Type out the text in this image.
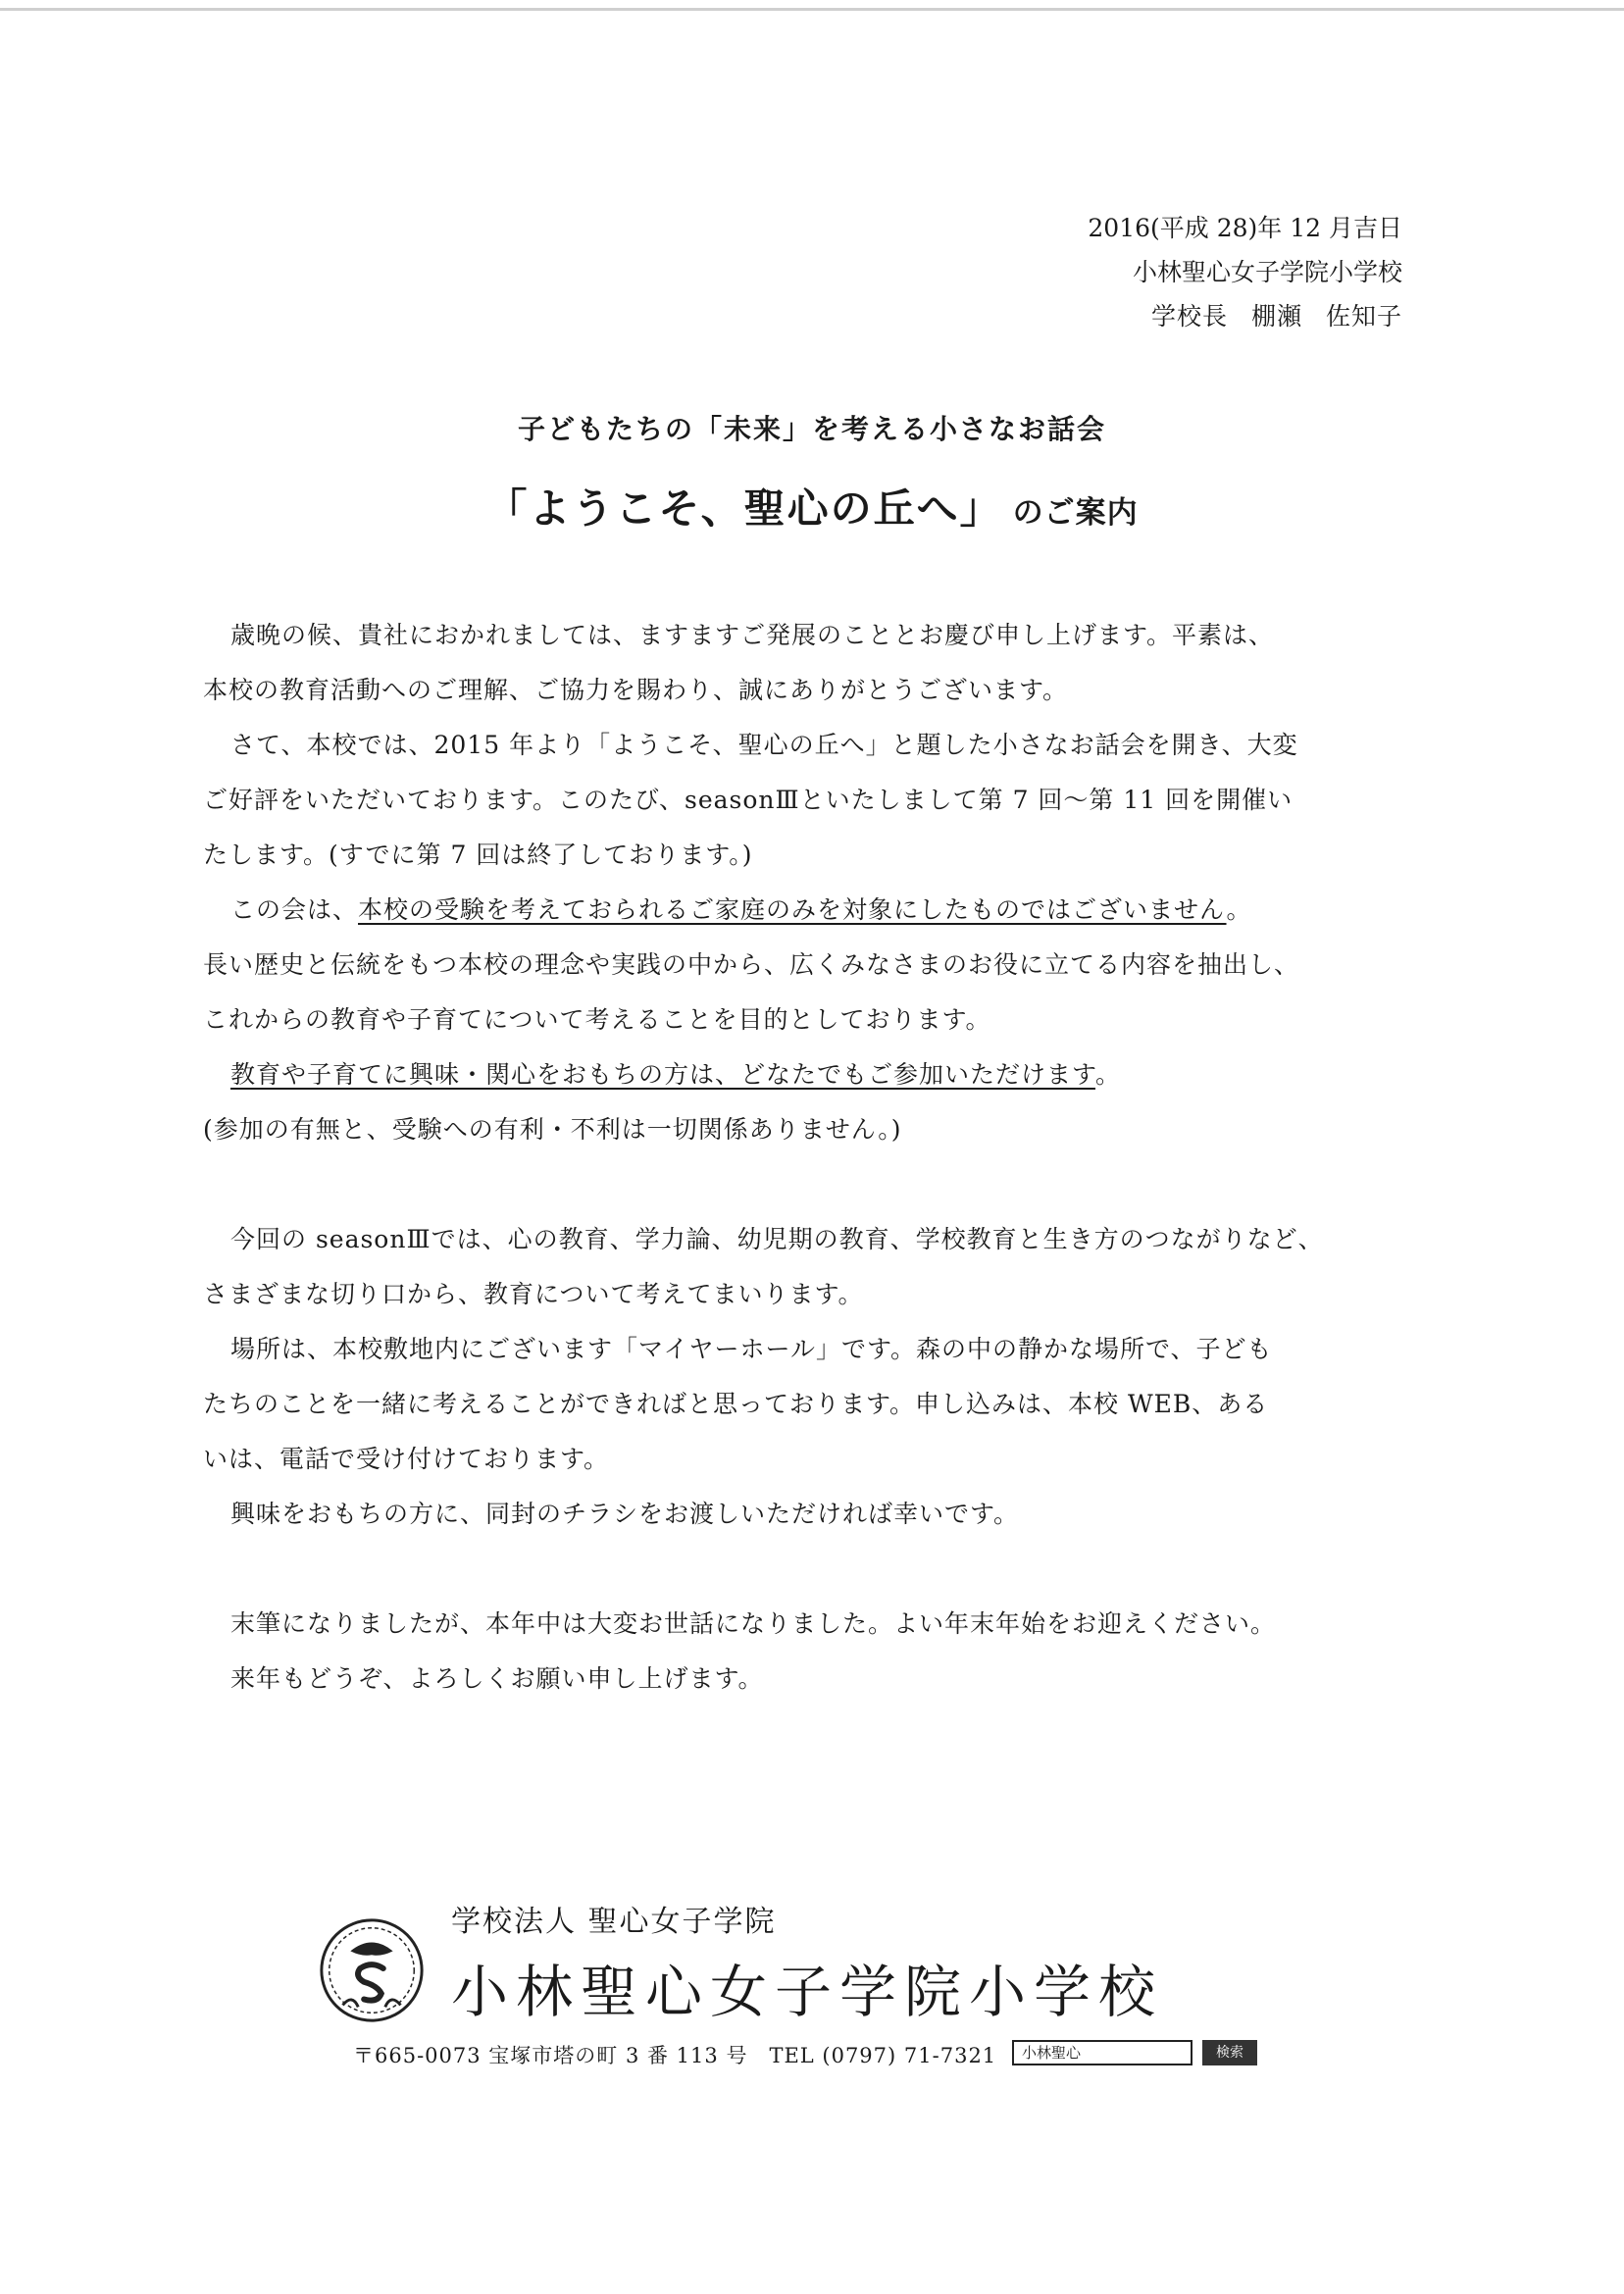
2016(平成 28)年 12 月吉日
小林聖心女子学院小学校
学校長 棚瀬 佐知子
子どもたちの「未来」を考える小さなお話会
「ようこそ、聖心の丘へ」 のご案内

歳晩の候、貴社におかれましては、ますますご発展のこととお慶び申し上げます。平素は、

本校の教育活動へのご理解、ご協力を賜わり、誠にありがとうございます。

さて、本校では、2015 年より「ようこそ、聖心の丘へ」と題した小さなお話会を開き、大変

ご好評をいただいております。このたび、seasonⅢといたしまして第 7 回～第 11 回を開催い

たします。(すでに第 7 回は終了しております。)

この会は、本校の受験を考えておられるご家庭のみを対象にしたものではございません。

長い歴史と伝統をもつ本校の理念や実践の中から、広くみなさまのお役に立てる内容を抽出し、

これからの教育や子育てについて考えることを目的としております。

教育や子育てに興味・関心をおもちの方は、どなたでもご参加いただけます。

(参加の有無と、受験への有利・不利は一切関係ありません。)

今回の seasonⅢでは、心の教育、学力論、幼児期の教育、学校教育と生き方のつながりなど、

さまざまな切り口から、教育について考えてまいります。

場所は、本校敷地内にございます「マイヤーホール」です。森の中の静かな場所で、子ども

たちのことを一緒に考えることができればと思っております。申し込みは、本校 WEB、ある

いは、電話で受け付けております。

興味をおもちの方に、同封のチラシをお渡しいただければ幸いです。

末筆になりましたが、本年中は大変お世話になりました。よい年末年始をお迎えください。

来年もどうぞ、よろしくお願い申し上げます。

学校法人 聖心女子学院
小林聖心女子学院小学校
〒665-0073 宝塚市塔の町 3 番 113 号　TEL (0797) 71-7321	小林聖心	検索
